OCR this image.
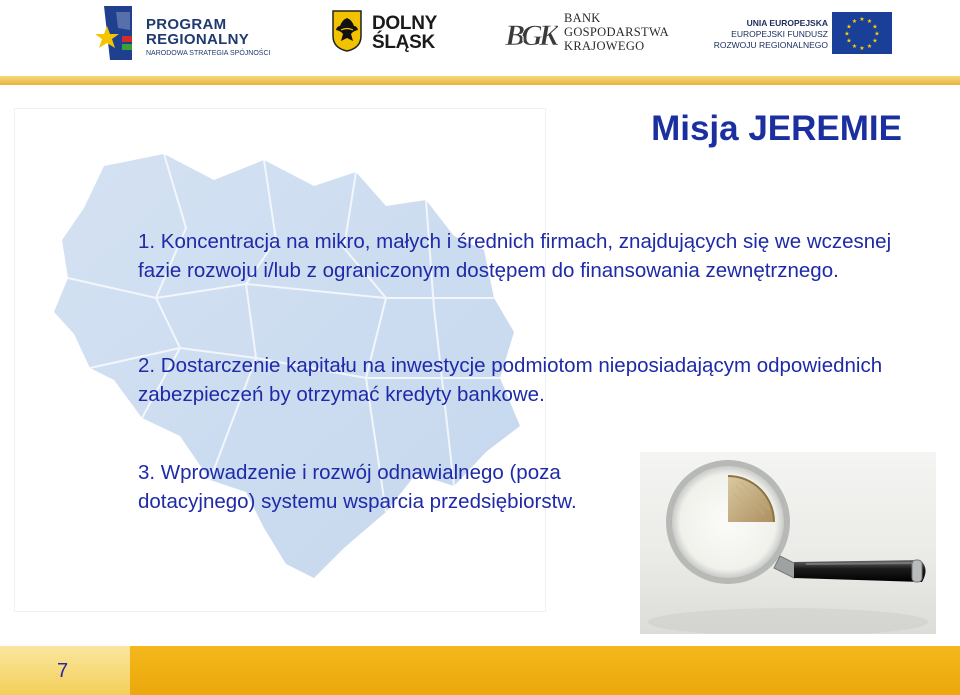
PROGRAM
REGIONALNY
NARODOWA STRATEGIA SPÓJNOŚCI
DOLNY
ŚLĄSK BGK
BANK
GOSPODARSTWA
KRAJOWEGO
UNIA EUROPEJSKA
EUROPEJSKI FUNDUSZ
ROZWOJU REGIONALNEGO
★ ★
★
★
★
★
★
★
★
★
★
★
Misja JEREMIE
1. Koncentracja na mikro, małych i średnich firmach, znajdujących się we wczesnej fazie rozwoju i/lub z ograniczonym dostępem do finansowania zewnętrznego.
2. Dostarczenie kapitału na inwestycje podmiotom nieposiadającym odpowiednich zabezpieczeń by otrzymać kredyty bankowe.
3. Wprowadzenie i rozwój odnawialnego (poza dotacyjnego) systemu wsparcia przedsiębiorstw.
7
